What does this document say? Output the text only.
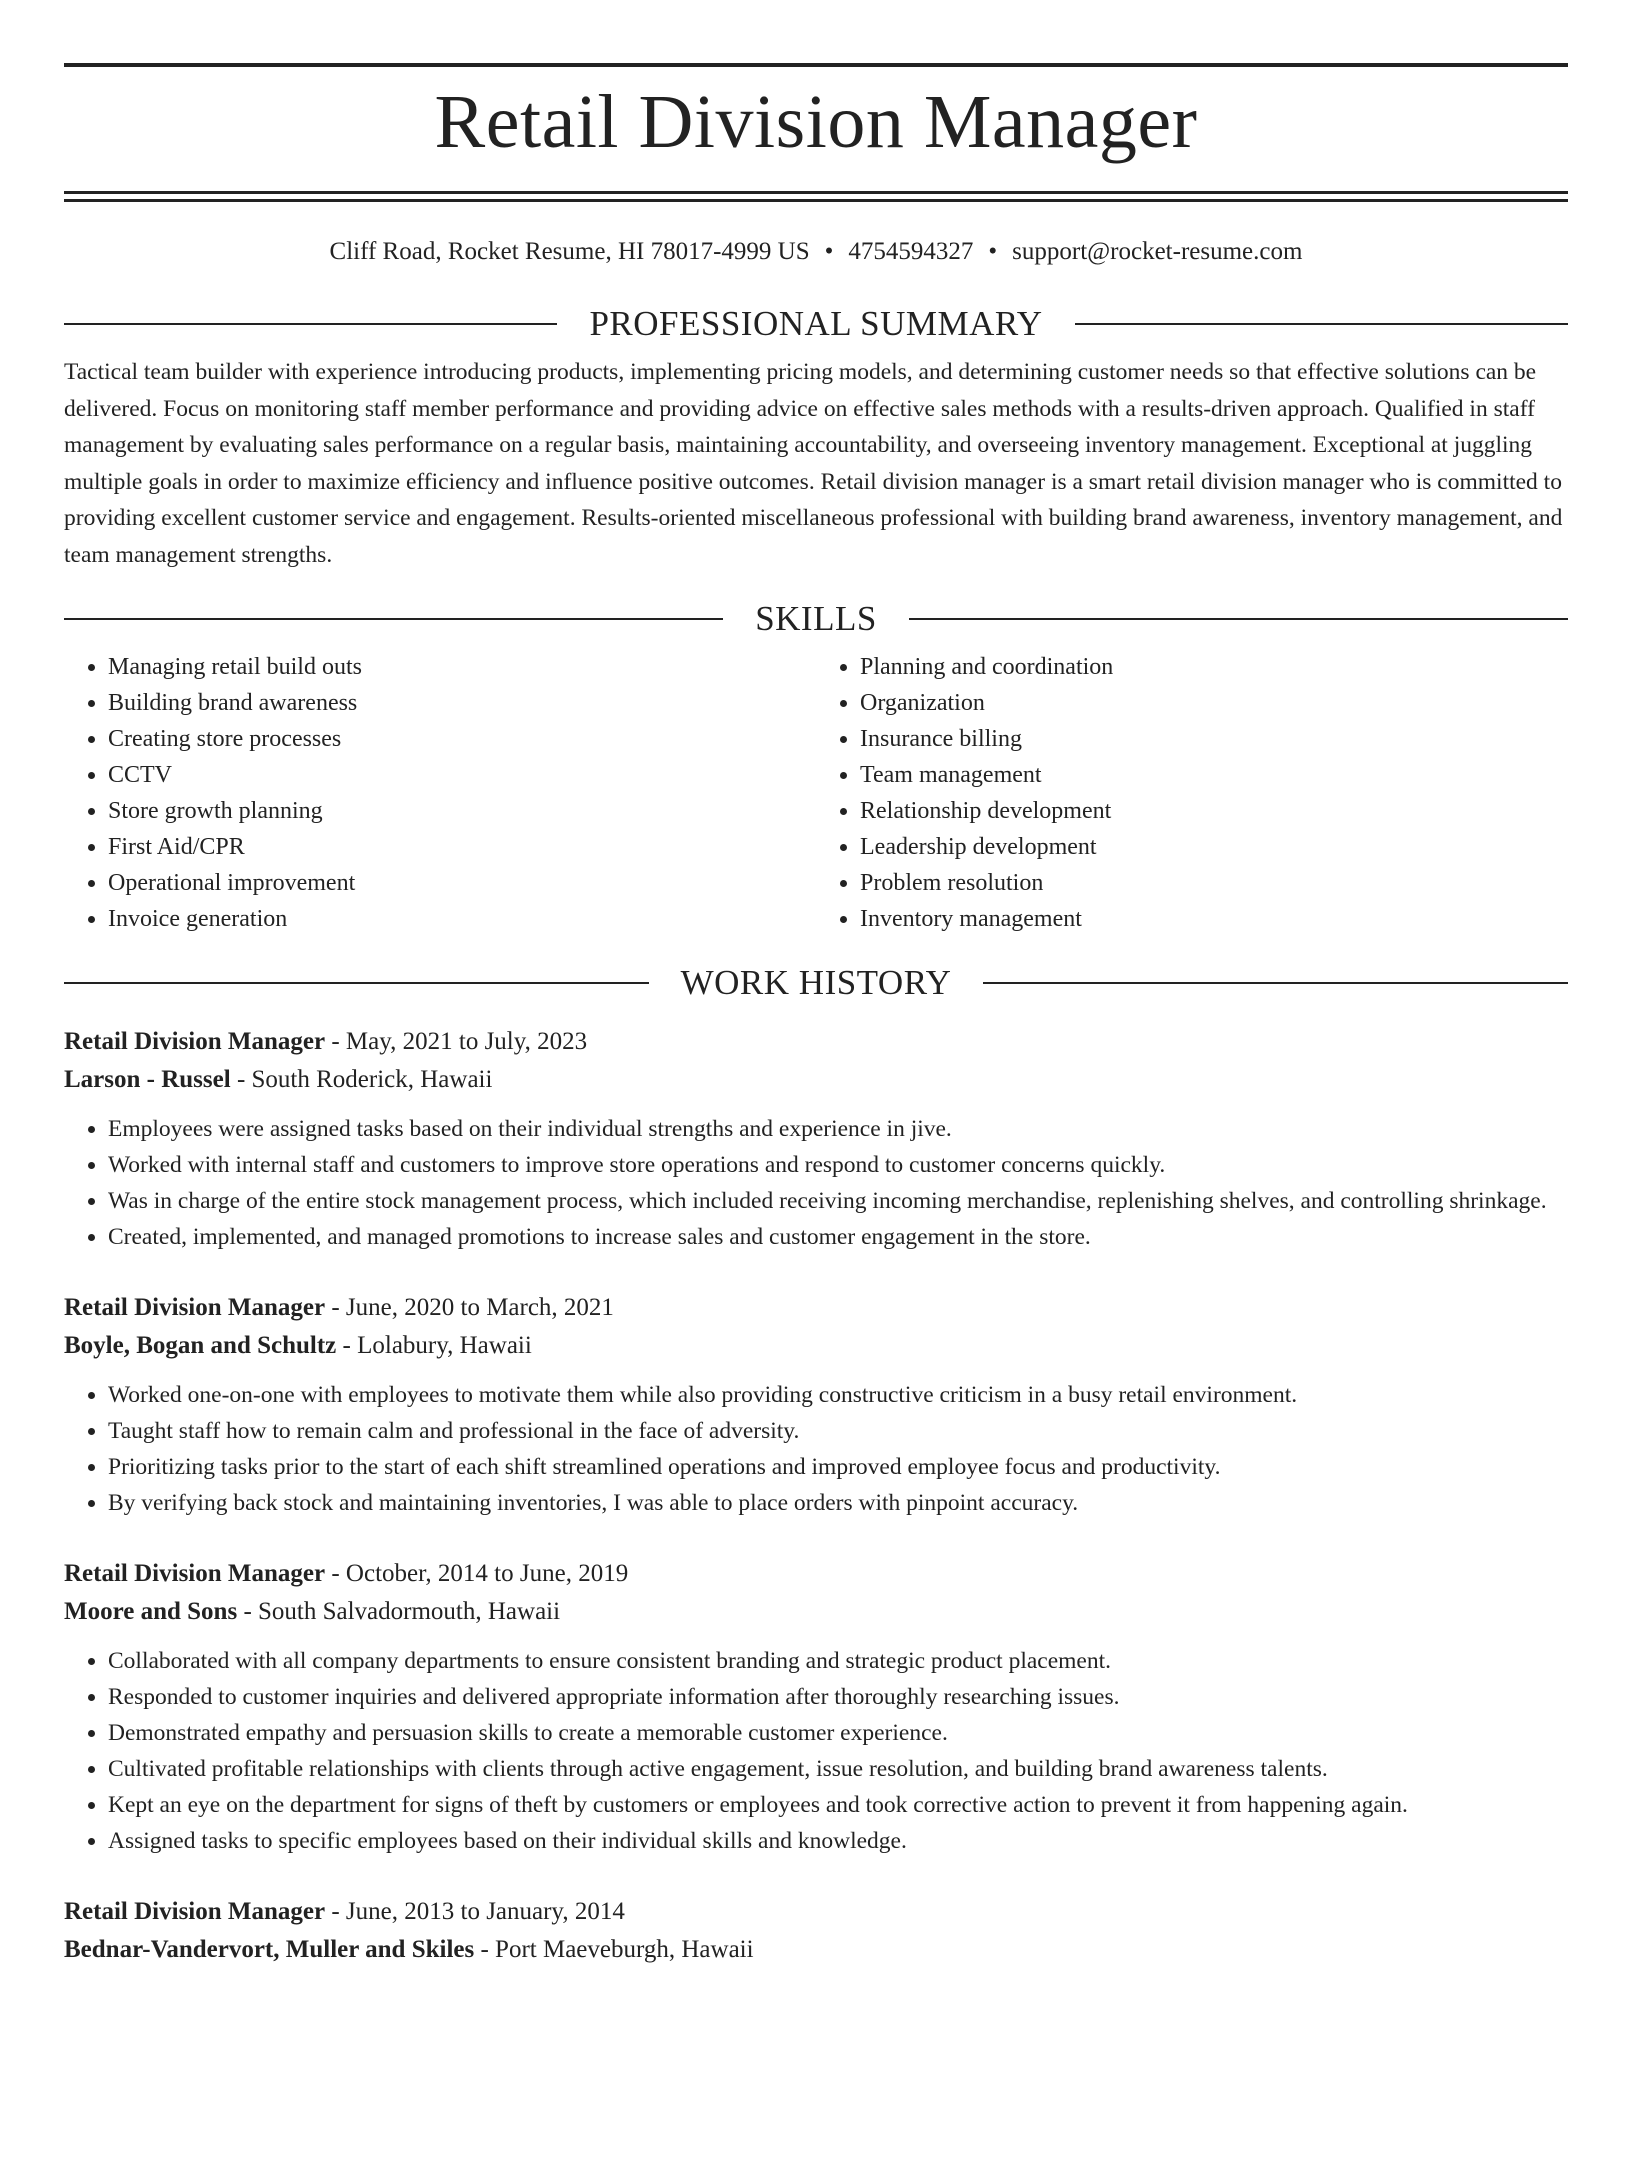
Retail Division Manager
Cliff Road, Rocket Resume, HI 78017-4999 US • 4754594327 • support@rocket-resume.com
PROFESSIONAL SUMMARY

Tactical team builder with experience introducing products, implementing pricing models, and determining customer needs so that effective solutions can be delivered. Focus on monitoring staff member performance and providing advice on effective sales methods with a results-driven approach. Qualified in staff management by evaluating sales performance on a regular basis, maintaining accountability, and overseeing inventory management. Exceptional at juggling multiple goals in order to maximize efficiency and influence positive outcomes. Retail division manager is a smart retail division manager who is committed to providing excellent customer service and engagement. Results-oriented miscellaneous professional with building brand awareness, inventory management, and team management strengths.

SKILLS
• Managing retail build outs
• Building brand awareness
• Creating store processes
• CCTV
• Store growth planning
• First Aid/CPR
• Operational improvement
• Invoice generation
• Planning and coordination
• Organization
• Insurance billing
• Team management
• Relationship development
• Leadership development
• Problem resolution
• Inventory management
WORK HISTORY
Retail Division Manager - May, 2021 to July, 2023
Larson - Russel - South Roderick, Hawaii
• Employees were assigned tasks based on their individual strengths and experience in jive.
• Worked with internal staff and customers to improve store operations and respond to customer concerns quickly.
• Was in charge of the entire stock management process, which included receiving incoming merchandise, replenishing shelves, and controlling shrinkage.
• Created, implemented, and managed promotions to increase sales and customer engagement in the store.
Retail Division Manager - June, 2020 to March, 2021
Boyle, Bogan and Schultz - Lolabury, Hawaii
• Worked one-on-one with employees to motivate them while also providing constructive criticism in a busy retail environment.
• Taught staff how to remain calm and professional in the face of adversity.
• Prioritizing tasks prior to the start of each shift streamlined operations and improved employee focus and productivity.
• By verifying back stock and maintaining inventories, I was able to place orders with pinpoint accuracy.
Retail Division Manager - October, 2014 to June, 2019
Moore and Sons - South Salvadormouth, Hawaii
• Collaborated with all company departments to ensure consistent branding and strategic product placement.
• Responded to customer inquiries and delivered appropriate information after thoroughly researching issues.
• Demonstrated empathy and persuasion skills to create a memorable customer experience.
• Cultivated profitable relationships with clients through active engagement, issue resolution, and building brand awareness talents.
• Kept an eye on the department for signs of theft by customers or employees and took corrective action to prevent it from happening again.
• Assigned tasks to specific employees based on their individual skills and knowledge.
Retail Division Manager - June, 2013 to January, 2014
Bednar-Vandervort, Muller and Skiles - Port Maeveburgh, Hawaii
